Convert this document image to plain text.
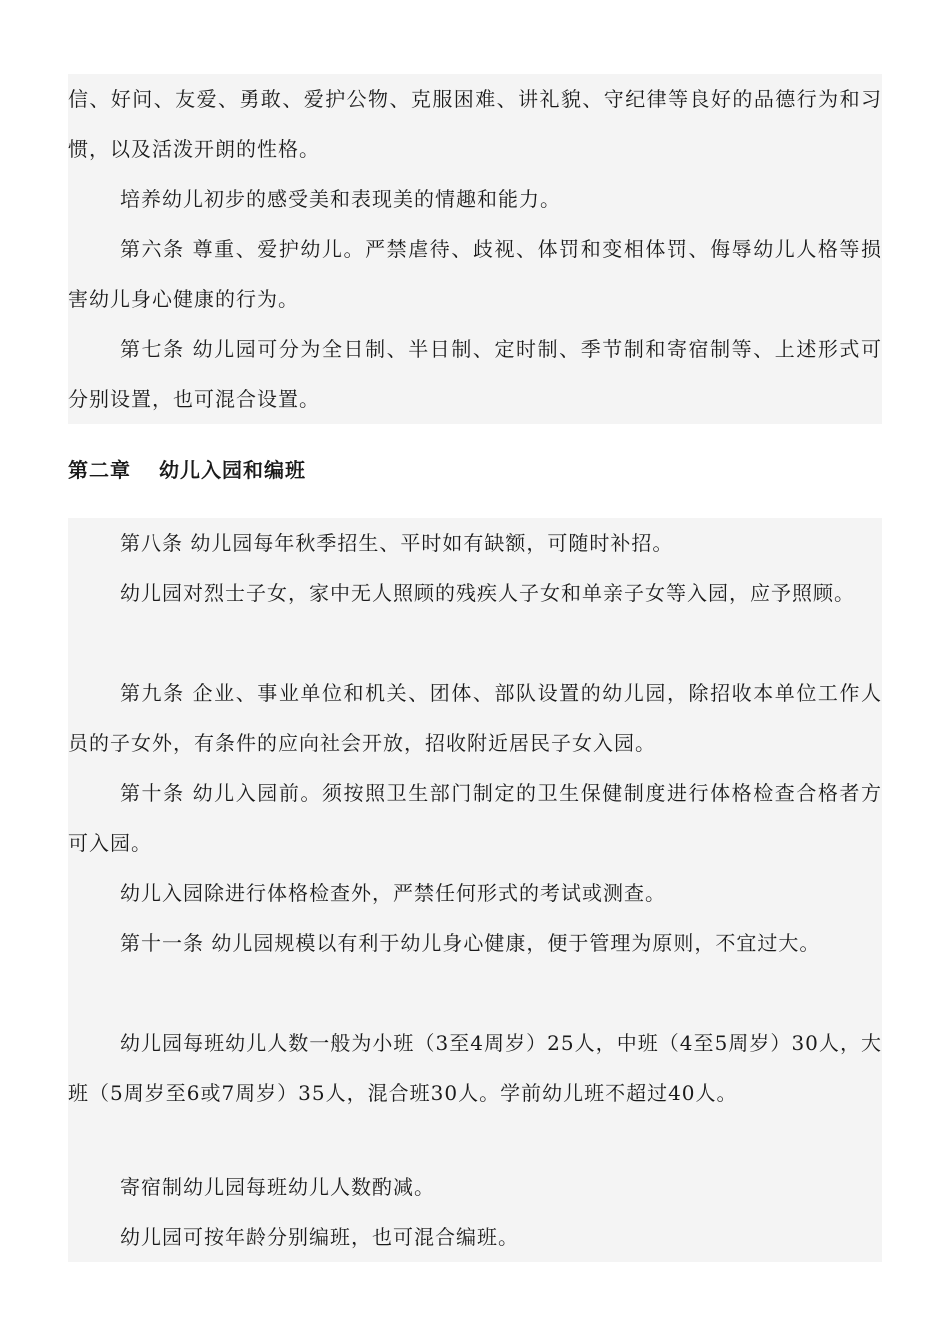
信、好问、友爱、勇敢、爱护公物、克服困难、讲礼貌、守纪律等良好的品德行为和习惯，以及活泼开朗的性格。

培养幼儿初步的感受美和表现美的情趣和能力。

第六条 尊重、爱护幼儿。严禁虐待、歧视、体罚和变相体罚、侮辱幼儿人格等损害幼儿身心健康的行为。

第七条 幼儿园可分为全日制、半日制、定时制、季节制和寄宿制等、上述形式可分别设置，也可混合设置。

第二章 幼儿入园和编班

第八条 幼儿园每年秋季招生、平时如有缺额，可随时补招。

幼儿园对烈士子女，家中无人照顾的残疾人子女和单亲子女等入园，应予照顾。

第九条 企业、事业单位和机关、团体、部队设置的幼儿园，除招收本单位工作人员的子女外，有条件的应向社会开放，招收附近居民子女入园。

第十条 幼儿入园前。须按照卫生部门制定的卫生保健制度进行体格检查合格者方可入园。

幼儿入园除进行体格检查外，严禁任何形式的考试或测查。

第十一条 幼儿园规模以有利于幼儿身心健康，便于管理为原则，不宜过大。

幼儿园每班幼儿人数一般为小班（3至4周岁）25人，中班（4至5周岁）30人，大班（5周岁至6或7周岁）35人，混合班30人。学前幼儿班不超过40人。

寄宿制幼儿园每班幼儿人数酌减。

幼儿园可按年龄分别编班，也可混合编班。
